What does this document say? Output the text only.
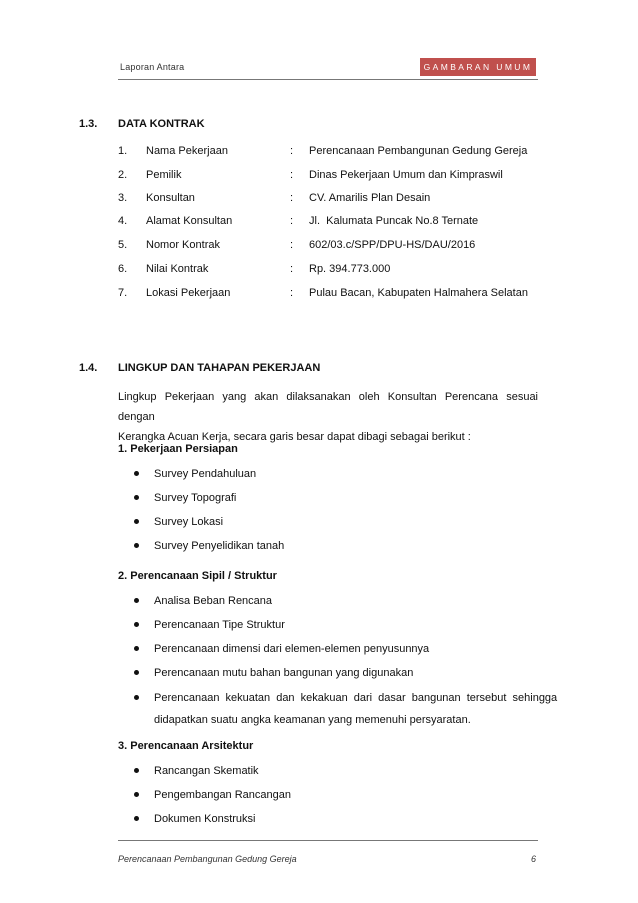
Laporan Antara	GAMBARAN UMUM
1.3. DATA KONTRAK
1. Nama Pekerjaan	: Perencanaan Pembangunan Gedung Gereja
2. Pemilik	: Dinas Pekerjaan Umum dan Kimpraswil
3. Konsultan	: CV. Amarilis Plan Desain
4. Alamat Konsultan	: Jl.  Kalumata Puncak No.8 Ternate
5. Nomor Kontrak	: 602/03.c/SPP/DPU-HS/DAU/2016
6. Nilai Kontrak	: Rp. 394.773.000
7. Lokasi Pekerjaan	: Pulau Bacan, Kabupaten Halmahera Selatan
1.4. LINGKUP DAN TAHAPAN PEKERJAAN
Lingkup Pekerjaan yang akan dilaksanakan oleh Konsultan Perencana sesuai dengan
Kerangka Acuan Kerja, secara garis besar dapat dibagi sebagai berikut :
1. Pekerjaan Persiapan
Survey Pendahuluan
Survey Topografi
Survey Lokasi
Survey Penyelidikan tanah
2. Perencanaan Sipil / Struktur
Analisa Beban Rencana
Perencanaan Tipe Struktur
Perencanaan dimensi dari elemen-elemen penyusunnya
Perencanaan mutu bahan bangunan yang digunakan
Perencanaan kekuatan dan kekakuan dari dasar bangunan tersebut sehingga
didapatkan suatu angka keamanan yang memenuhi persyaratan.
3. Perencanaan Arsitektur
Rancangan Skematik
Pengembangan Rancangan
Dokumen Konstruksi
Perencanaan Pembangunan Gedung Gereja	6
